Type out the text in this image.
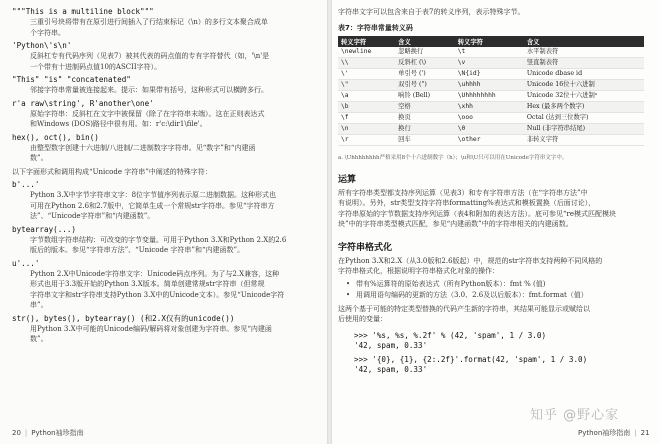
"""This is a multiline block"""
三重引号块将带有在原引进行间插入了行结束标记（\n）的多行文本聚合成单
个字符串。
'Python\'s\n'
反斜杠专有代码序列（见表7）被其代表的码点值的专有字符替代（如，'\n'是
一个带有十进制码点值10的ASCII字符）。
"This" "is" "concatenated"
邻接字符串常量被连接起来。提示：如果带有括号，这种形式可以横跨多行。
r'a raw\string', R'another\one'
原始字符串：反斜杠在文字中被保留（除了在字符串末端）。这在正则表达式
和Windows (DOS)路径中很有用。如：r'c:\dir1\file'。
hex(), oct(), bin()
由整型数字创建十六进制/八进制/二进制数字字符串。见“数字”和“内建函
数”。
以下字面形式和调用构成“Unicode 字符串”中阐述的特殊字符：
b'...'
Python 3.X中字节字符串文字：8位字节值序列表示原二进制数据。这种形式也
可用在Python 2.6和2.7版中，它简单生成一个常规str字符串。参见“字符串方
法”、“Unicode字符串”和“内建函数”。
bytearray(...)
字节数组字符串结构：可改变的字节变量。可用于Python 3.X和Python 2.X的2.6
版后的版本。参见“字符串方法”、“Unicode 字符串”和“内建函数”。
u'...'
Python 2.X中Unicode字符串文字：Unicode码点序列。为了与2.X兼容，这种
形式也用于3.3版开始的Python 3.X版本。简单创建常规str字符串（但常规
字符串文字和str字符串支持Python 3.X中的Unicode文本）。参见“Unicode字符
串”。
str(), bytes(), bytearray() (和2.X仅有的unicode())
用Python 3.X中可能的Unicode编码/解码将对象创建为字符串。参见“内建函
数”。
20 | Python袖珍指南
字符串文字可以包含来自于表7的转义序列，表示特殊字节。
表7：字符串常量转义码
转义字符	含义	转义字符	含义
\newline	忽略换行	\t	水平制表符
\\	反斜杠 (\)	\v	竖直制表符
\'	单引号 (')	\N{id}	Unicode dbase id
\"	双引号 (")	\uhhhh	Unicode 16位十六进制
\a	响铃 (Bell)	\Uhhhhhhhh	Unicode 32位十六进制ᵃ
\b	空格	\xhh	Hex (最多两个数字)
\f	换页	\ooo	Octal (达到三位数字)
\n	换行	\0	Null (非字符串结尾)
\r	回车	\other	非转义字符
a. \Uhhhhhhhh严格采用8个十六进制数字（h）；\u和\U只可以用在Unicode字符串文字中。
运算
所有字符串类型都支持序列运算（见表3）和专有字符串方法（在“字符串方法”中
有说明）。另外，str类型支持字符串formatting%表达式和模板置换（后面讨论），
字符串原始的字节数据支持序列运算（表4和附加的表达方法）。底可参见“re模式匹配模块
块”中的字符串类型模式匹配，参见“内建函数”中的字符串相关的内建函数。
字符串格式化
在Python 3.X和2.X（从3.0版和2.6版起）中，规范的str字符串支持两种不同风格的
字符串格式化，根据说明字符串格式化对象的操作：
• 带有%运算符的原始表达式（所有Python版本）：fmt % (值)
• 用调用语句编码的更新的方法（3.0、2.6及以后版本）：fmt.format（值）
这两个基于可能的特定类型替换的代码产生新的字符串，其结果可能显示或赋给以
后使用的变量：
>>> '%s, %s, %.2f' % (42, 'spam', 1 / 3.0)
'42, spam, 0.33'
>>> '{0}, {1}, {2:.2f}'.format(42, 'spam', 1 / 3.0)
'42, spam, 0.33'
知乎 @野心家
Python袖珍指南 | 21
